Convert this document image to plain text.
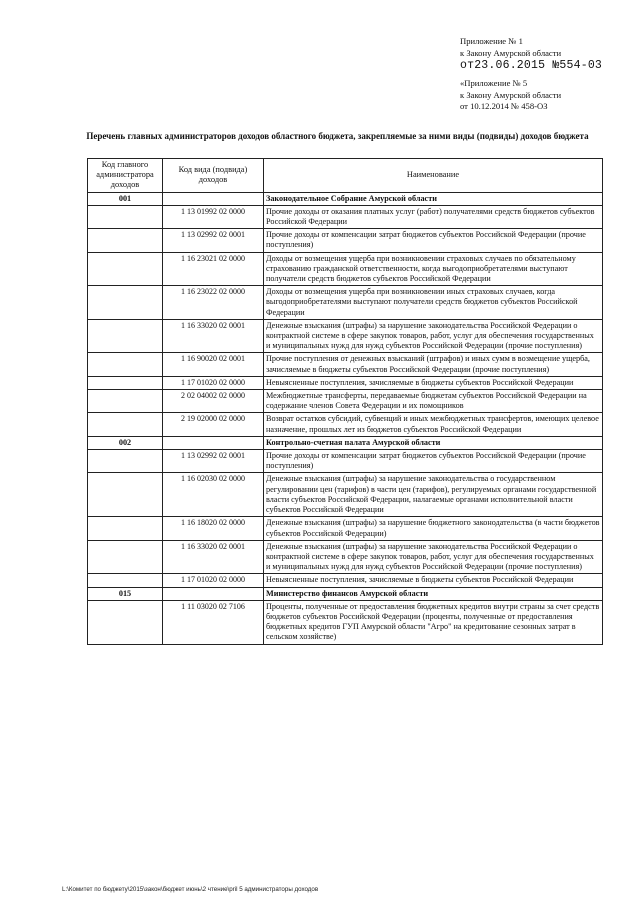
Приложение № 1
к Закону Амурской области
от23.06.2015 №554-03
«Приложение № 5
к Закону Амурской области
от 10.12.2014 № 458-ОЗ
Перечень главных администраторов доходов областного бюджета, закрепляемые за ними виды (подвиды) доходов бюджета
Код главного администратора доходов	Код вида (подвида) доходов	Наименование
001		Законодательное Собрание Амурской области
	1 13 01992 02 0000	Прочие доходы от оказания платных услуг (работ) получателями средств бюджетов субъектов Российской Федерации
	1 13 02992 02 0001	Прочие доходы от компенсации затрат бюджетов субъектов Российской Федерации (прочие поступления)
	1 16 23021 02 0000	Доходы от возмещения ущерба при возникновении страховых случаев по обязательному страхованию гражданской ответственности, когда выгодоприобретателями выступают получатели средств бюджетов субъектов Российской Федерации
	1 16 23022 02 0000	Доходы от возмещения ущерба при возникновении иных страховых случаев, когда выгодоприобретателями выступают получатели средств бюджетов субъектов Российской Федерации
	1 16 33020 02 0001	Денежные взыскания (штрафы) за нарушение законодательства Российской Федерации о контрактной системе в сфере закупок товаров, работ, услуг для обеспечения государственных и муниципальных нужд для нужд субъектов Российской Федерации (прочие поступления)
	1 16 90020 02 0001	Прочие поступления от денежных взысканий (штрафов) и иных сумм в возмещение ущерба, зачисляемые в бюджеты субъектов Российской Федерации (прочие поступления)
	1 17 01020 02 0000	Невыясненные поступления, зачисляемые в бюджеты субъектов Российской Федерации
	2 02 04002 02 0000	Межбюджетные трансферты, передаваемые бюджетам субъектов Российской Федерации на содержание членов Совета Федерации и их помощников
	2 19 02000 02 0000	Возврат остатков субсидий, субвенций и иных межбюджетных трансфертов, имеющих целевое назначение, прошлых лет из бюджетов субъектов Российской Федерации
002		Контрольно-счетная палата Амурской области
	1 13 02992 02 0001	Прочие доходы от компенсации затрат бюджетов субъектов Российской Федерации (прочие поступления)
	1 16 02030 02 0000	Денежные взыскания (штрафы) за нарушение законодательства о государственном регулировании цен (тарифов) в части цен (тарифов), регулируемых органами государственной власти субъектов Российской Федерации, налагаемые органами исполнительной власти субъектов Российской Федерации
	1 16 18020 02 0000	Денежные взыскания (штрафы) за нарушение бюджетного законодательства (в части бюджетов субъектов Российской Федерации)
	1 16 33020 02 0001	Денежные взыскания (штрафы) за нарушение законодательства Российской Федерации о контрактной системе в сфере закупок товаров, работ, услуг для обеспечения государственных и муниципальных нужд для нужд субъектов Российской Федерации (прочие поступления)
	1 17 01020 02 0000	Невыясненные поступления, зачисляемые в бюджеты субъектов Российской Федерации
015		Министерство финансов Амурской области
	1 11 03020 02 7106	Проценты, полученные от предоставления бюджетных кредитов внутри страны за счет средств бюджетов субъектов Российской Федерации (проценты, полученные от предоставления бюджетных кредитов ГУП Амурской области "Агро" на кредитование сезонных затрат в сельском хозяйстве)
L:\Комитет по бюджету\2015\закон\бюджет июнь\2 чтение\pril 5 администраторы доходов
